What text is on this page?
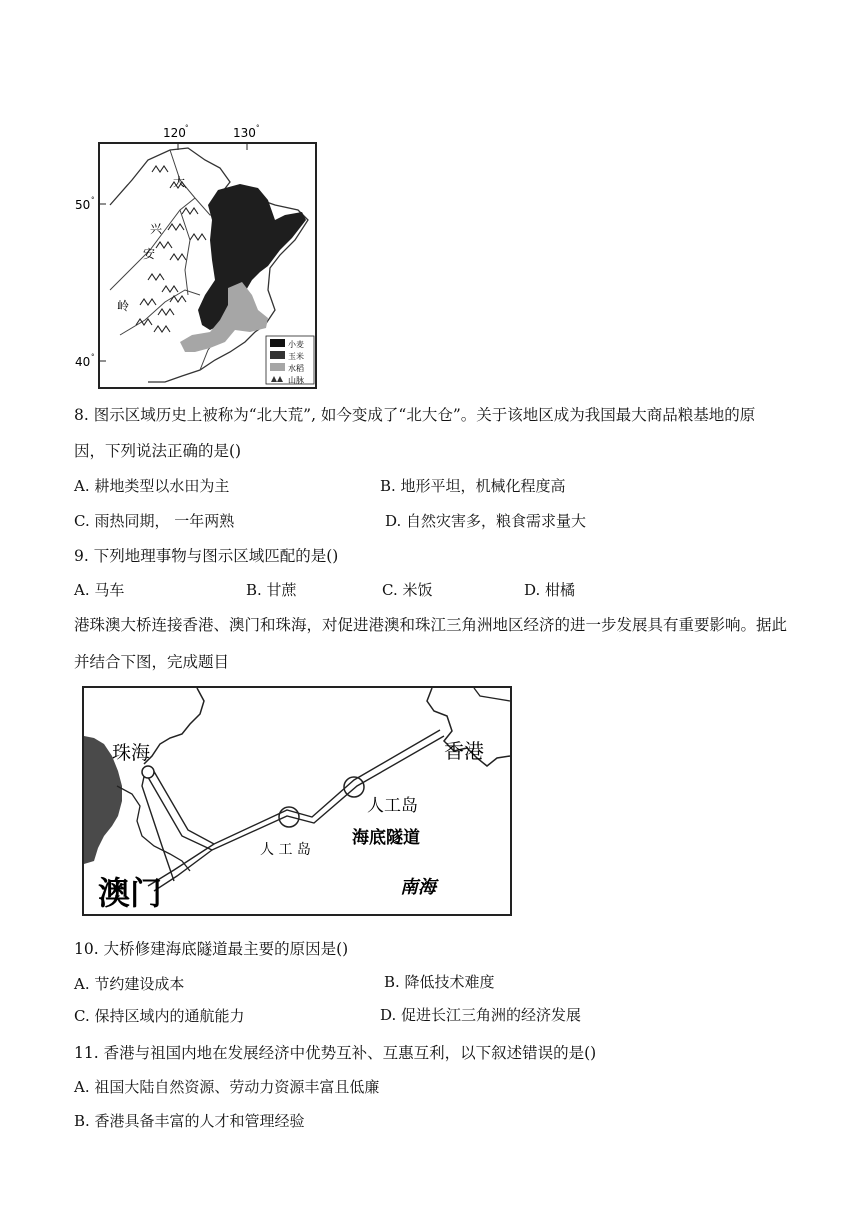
120 °	130 °
50 °
40 °
大
兴
安
岭
小麦
玉米
水稻
山脉
8. 图示区域历史上被称为“北大荒”, 如今变成了“北大仓”。关于该地区成为我国最大商品粮基地的原
因，下列说法正确的是()
A. 耕地类型以水田为主	B. 地形平坦，机械化程度高
C. 雨热同期， 一年两熟	D. 自然灾害多，粮食需求量大
9. 下列地理事物与图示区域匹配的是()
A. 马车	B. 甘蔗	C. 米饭	D. 柑橘
港珠澳大桥连接香港、澳门和珠海，对促进港澳和珠江三角洲地区经济的进一步发展具有重要影响。据此
并结合下图，完成题目
珠海	香港
人工岛
海底隧道
人 工 岛
澳门	南海
10. 大桥修建海底隧道最主要的原因是()
A. 节约建设成本	B. 降低技术难度
C. 保持区域内的通航能力	D. 促进长江三角洲的经济发展
11. 香港与祖国内地在发展经济中优势互补、互惠互利，以下叙述错误的是()
A. 祖国大陆自然资源、劳动力资源丰富且低廉
B. 香港具备丰富的人才和管理经验
